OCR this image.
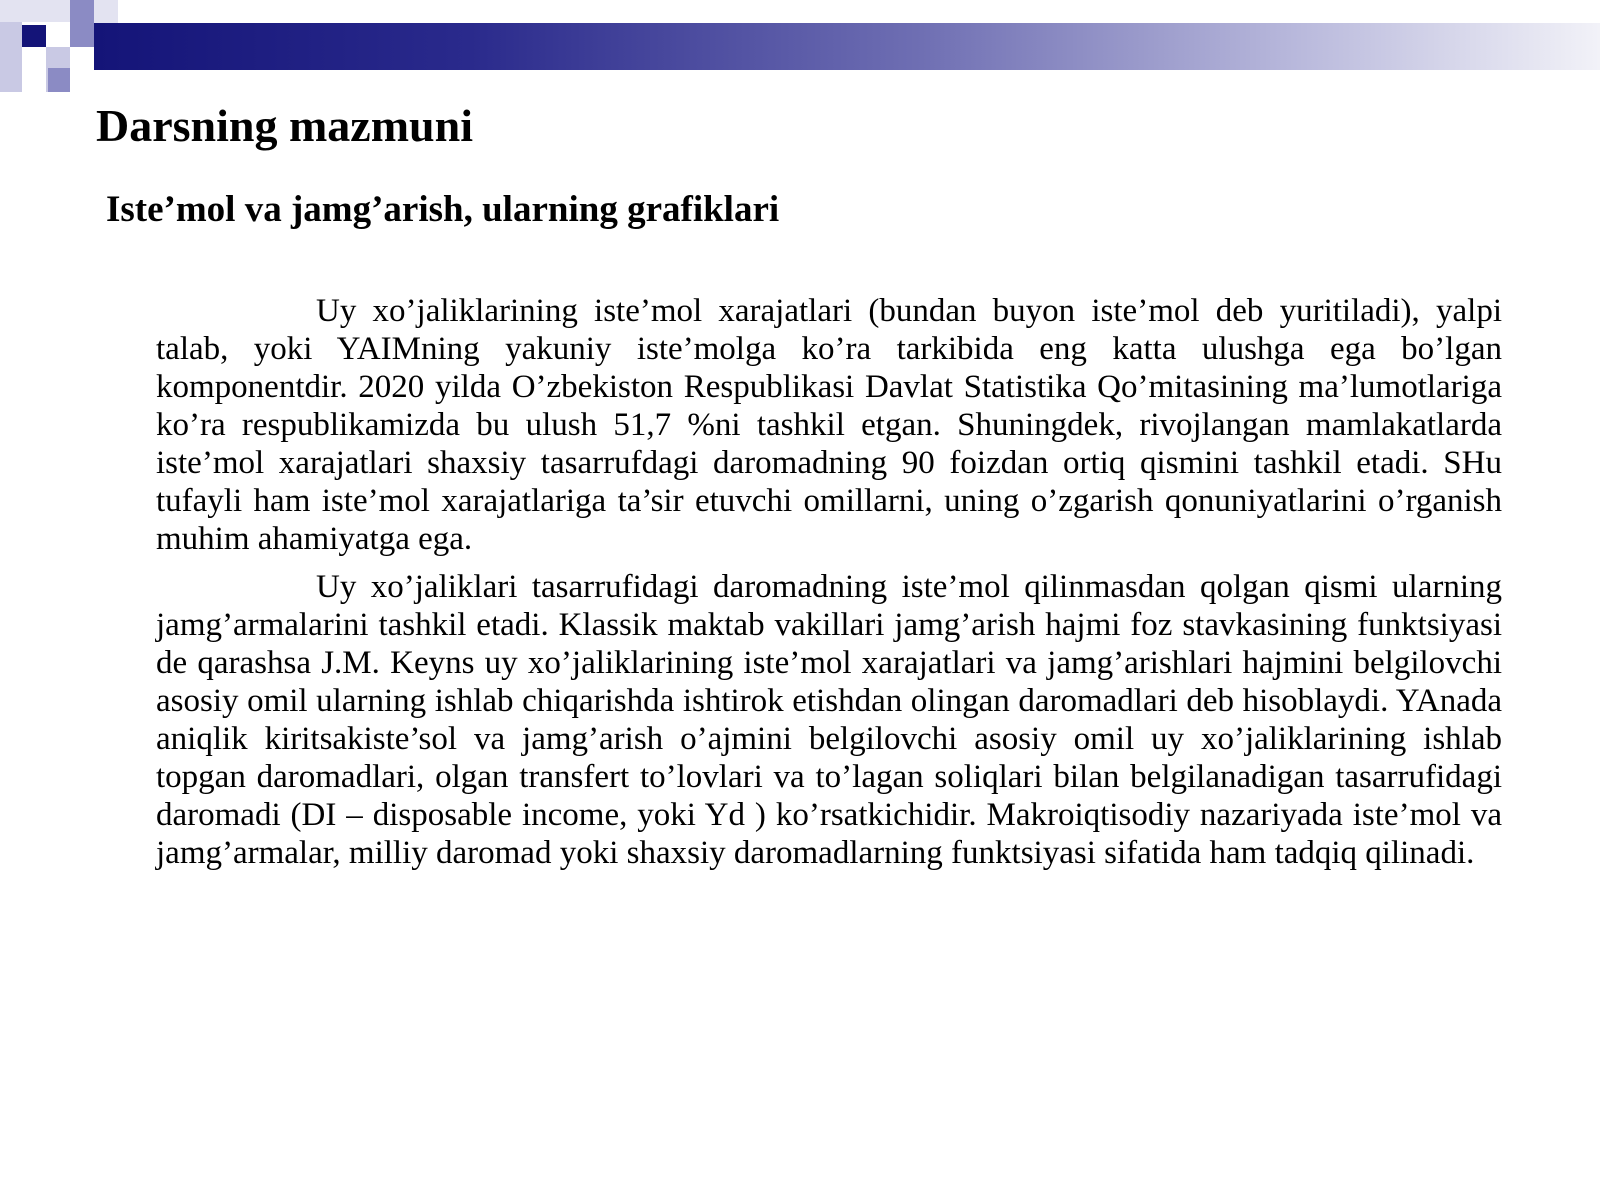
Darsning mazmuni
Iste’mol va jamg’arish, ularning grafiklari

Uy xo’jaliklarining iste’mol xarajatlari (bundan buyon iste’mol deb yuritiladi), yalpi talab, yoki YAIMning yakuniy iste’molga ko’ra tarkibida eng katta ulushga ega bo’lgan komponentdir. 2020 yilda O’zbekiston Respublikasi Davlat Statistika Qo’mitasining ma’lumotlariga ko’ra respublikamizda bu ulush 51,7 %ni tashkil etgan. Shuningdek, rivojlangan mamlakatlarda iste’mol xarajatlari shaxsiy tasarrufdagi daromadning 90 foizdan ortiq qismini tashkil etadi. SHu tufayli ham iste’mol xarajatlariga ta’sir etuvchi omillarni, uning o’zgarish qonuniyatlarini o’rganish muhim ahamiyatga ega.

Uy xo’jaliklari tasarrufidagi daromadning iste’mol qilinmasdan qolgan qismi ularning jamg’armalarini tashkil etadi. Klassik maktab vakillari jamg’arish hajmi foz stavkasining funktsiyasi de qarashsa J.M. Keyns uy xo’jaliklarining iste’mol xarajatlari va jamg’arishlari hajmini belgilovchi asosiy omil ularning ishlab chiqarishda ishtirok etishdan olingan daromadlari deb hisoblaydi. YAnada aniqlik kiritsakiste’sol va jamg’arish o’ajmini belgilovchi asosiy omil uy xo’jaliklarining ishlab topgan daromadlari, olgan transfert to’lovlari va to’lagan soliqlari bilan belgilanadigan tasarrufidagi daromadi (DI – disposable income, yoki Yd ) ko’rsatkichidir. Makroiqtisodiy nazariyada iste’mol va jamg’armalar, milliy daromad yoki shaxsiy daromadlarning funktsiyasi sifatida ham tadqiq qilinadi.
